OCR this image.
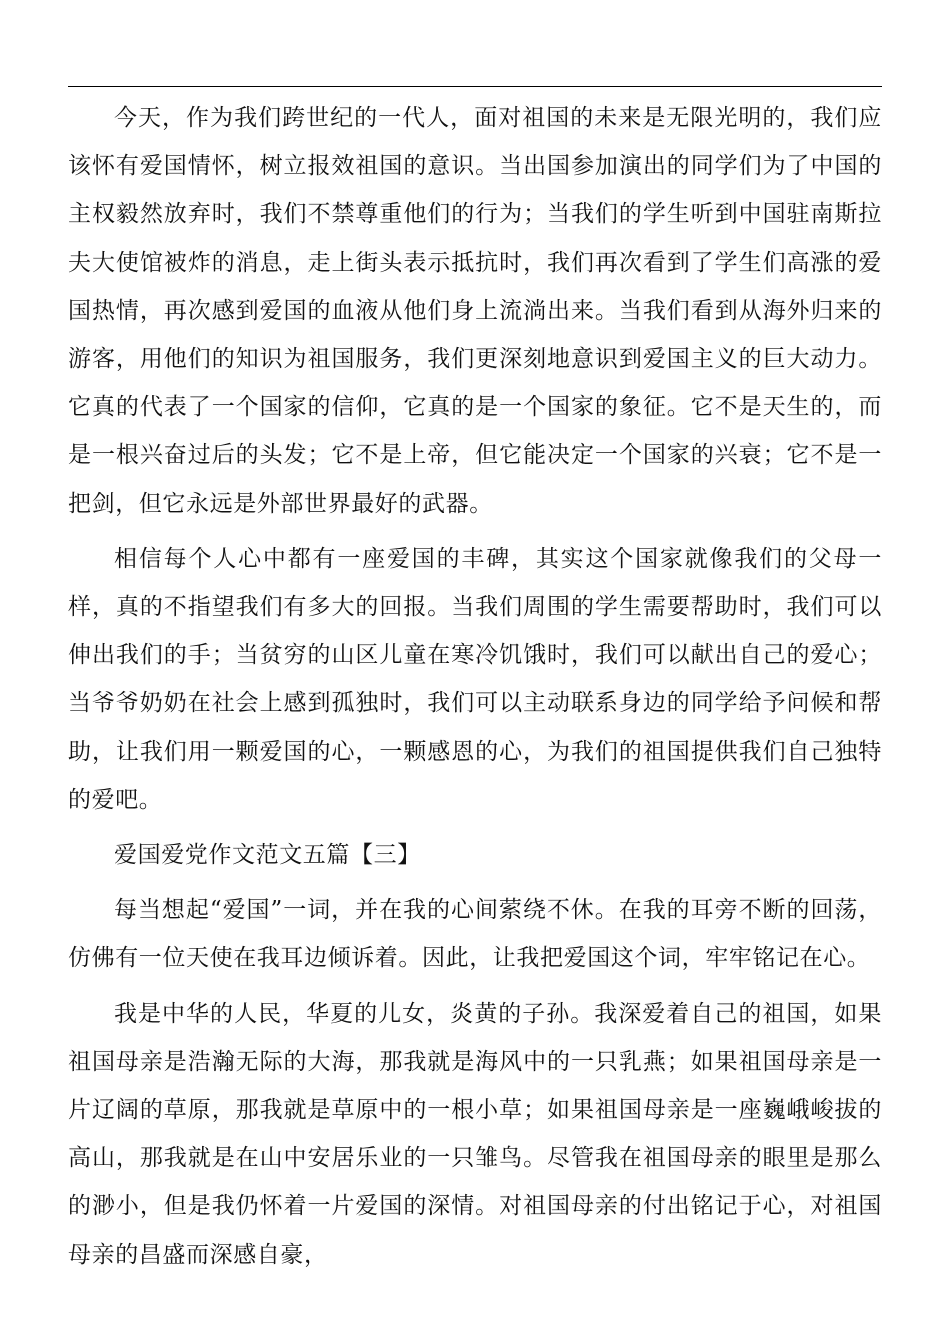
今天，作为我们跨世纪的一代人，面对祖国的未来是无限光明的，我们应该怀有爱国情怀，树立报效祖国的意识。当出国参加演出的同学们为了中国的主权毅然放弃时，我们不禁尊重他们的行为；当我们的学生听到中国驻南斯拉夫大使馆被炸的消息，走上街头表示抵抗时，我们再次看到了学生们高涨的爱国热情，再次感到爱国的血液从他们身上流淌出来。当我们看到从海外归来的游客，用他们的知识为祖国服务，我们更深刻地意识到爱国主义的巨大动力。它真的代表了一个国家的信仰，它真的是一个国家的象征。它不是天生的，而是一根兴奋过后的头发；它不是上帝，但它能决定一个国家的兴衰；它不是一把剑，但它永远是外部世界最好的武器。

相信每个人心中都有一座爱国的丰碑，其实这个国家就像我们的父母一样，真的不指望我们有多大的回报。当我们周围的学生需要帮助时，我们可以伸出我们的手；当贫穷的山区儿童在寒冷饥饿时，我们可以献出自己的爱心；当爷爷奶奶在社会上感到孤独时，我们可以主动联系身边的同学给予问候和帮助，让我们用一颗爱国的心，一颗感恩的心，为我们的祖国提供我们自己独特的爱吧。

爱国爱党作文范文五篇【三】

每当想起“爱国”一词，并在我的心间萦绕不休。在我的耳旁不断的回荡，仿佛有一位天使在我耳边倾诉着。因此，让我把爱国这个词，牢牢铭记在心。

我是中华的人民，华夏的儿女，炎黄的子孙。我深爱着自己的祖国，如果祖国母亲是浩瀚无际的大海，那我就是海风中的一只乳燕；如果祖国母亲是一片辽阔的草原，那我就是草原中的一根小草；如果祖国母亲是一座巍峨峻拔的高山，那我就是在山中安居乐业的一只雏鸟。尽管我在祖国母亲的眼里是那么的渺小，但是我仍怀着一片爱国的深情。对祖国母亲的付出铭记于心，对祖国母亲的昌盛而深感自豪，
